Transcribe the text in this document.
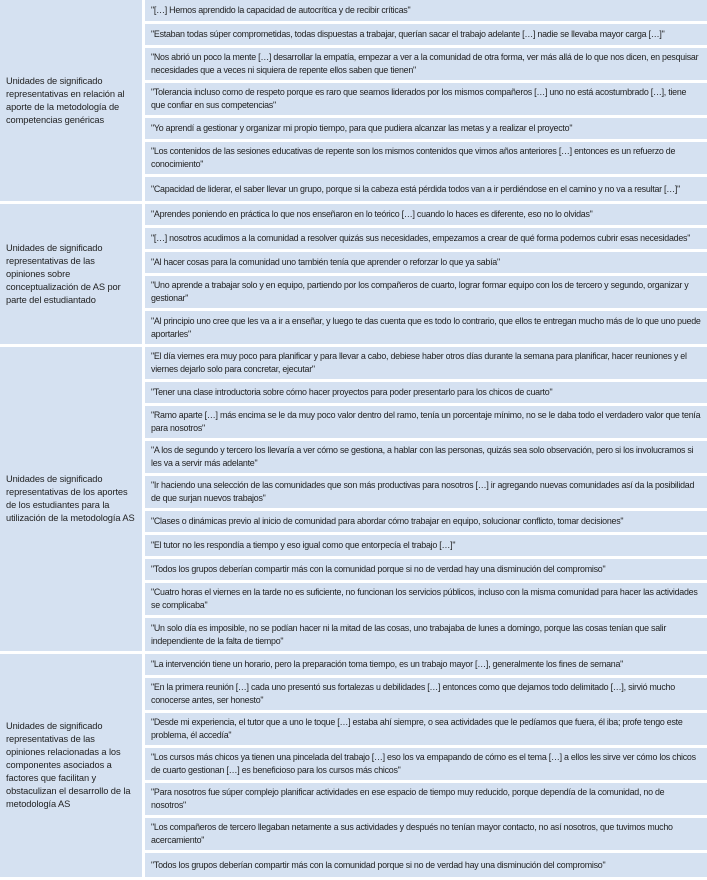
Unidades de significado representativas en relación al aporte de la metodología de competencias genéricas
"[…] Hemos aprendido la capacidad de autocrítica y de recibir críticas"
"Estaban todas súper comprometidas, todas dispuestas a trabajar, querían sacar el trabajo adelante […] nadie se llevaba mayor carga […]"
"Nos abrió un poco la mente […] desarrollar la empatía, empezar a ver a la comunidad de otra forma, ver más allá de lo que nos dicen, en pesquisar necesidades que a veces ni siquiera de repente ellos saben que tienen"
"Tolerancia incluso como de respeto porque es raro que seamos liderados por los mismos compañeros […] uno no está acostumbrado […], tiene que confiar en sus competencias"
"Yo aprendí a gestionar y organizar mi propio tiempo, para que pudiera alcanzar las metas y a realizar el proyecto"
"Los contenidos de las sesiones educativas de repente son los mismos contenidos que vimos años anteriores […] entonces es un refuerzo de conocimiento"
"Capacidad de liderar, el saber llevar un grupo, porque si la cabeza está pérdida todos van a ir perdiéndose en el camino y no va a resultar […]"
Unidades de significado representativas de las opiniones sobre conceptualización de AS por parte del estudiantado
"Aprendes poniendo en práctica lo que nos enseñaron en lo teórico […] cuando lo haces es diferente, eso no lo olvidas"
"[…] nosotros acudimos a la comunidad a resolver quizás sus necesidades, empezamos a crear de qué forma podemos cubrir esas necesidades"
"Al hacer cosas para la comunidad uno también tenía que aprender o reforzar lo que ya sabía"
"Uno aprende a trabajar solo y en equipo, partiendo por los compañeros de cuarto, lograr formar equipo con los de tercero y segundo, organizar y gestionar"
"Al principio uno cree que les va a ir a enseñar, y luego te das cuenta que es todo lo contrario, que ellos te entregan mucho más de lo que uno puede aportarles"
Unidades de significado representativas de los aportes de los estudiantes para la utilización de la metodología AS
"El día viernes era muy poco para planificar y para llevar a cabo, debiese haber otros días durante la semana para planificar, hacer reuniones y el viernes dejarlo solo para concretar, ejecutar"
"Tener una clase introductoria sobre cómo hacer proyectos para poder presentarlo para los chicos de cuarto"
"Ramo aparte […] más encima se le da muy poco valor dentro del ramo, tenía un porcentaje mínimo, no se le daba todo el verdadero valor que tenía para nosotros"
"A los de segundo y tercero los llevaría a ver cómo se gestiona, a hablar con las personas, quizás sea solo observación, pero si los involucramos si les va a servir más adelante"
"Ir haciendo una selección de las comunidades que son más productivas para nosotros […] ir agregando nuevas comunidades así da la posibilidad de que surjan nuevos trabajos"
"Clases o dinámicas previo al inicio de comunidad para abordar cómo trabajar en equipo, solucionar conflicto, tomar decisiones"
"El tutor no les respondía a tiempo y eso igual como que entorpecía el trabajo […]"
"Todos los grupos deberían compartir más con la comunidad porque si no de verdad hay una disminución del compromiso"
"Cuatro horas el viernes en la tarde no es suficiente, no funcionan los servicios públicos, incluso con la misma comunidad para hacer las actividades se complicaba"
"Un solo día es imposible, no se podían hacer ni la mitad de las cosas, uno trabajaba de lunes a domingo, porque las cosas tenían que salir independiente de la falta de tiempo"
Unidades de significado representativas de las opiniones relacionadas a los componentes asociados a factores que facilitan y obstaculizan el desarrollo de la metodología AS
"La intervención tiene un horario, pero la preparación toma tiempo, es un trabajo mayor […], generalmente los fines de semana"
"En la primera reunión […] cada uno presentó sus fortalezas u debilidades […] entonces como que dejamos todo delimitado […], sirvió mucho conocerse antes, ser honesto"
"Desde mi experiencia, el tutor que a uno le toque […] estaba ahí siempre, o sea actividades que le pedíamos que fuera, él iba; profe tengo este problema, él accedía"
"Los cursos más chicos ya tienen una pincelada del trabajo […] eso los va empapando de cómo es el tema […] a ellos les sirve ver cómo los chicos de cuarto gestionan […] es beneficioso para los cursos más chicos"
"Para nosotros fue súper complejo planificar actividades en ese espacio de tiempo muy reducido, porque dependía de la comunidad, no de nosotros"
"Los compañeros de tercero llegaban netamente a sus actividades y después no tenían mayor contacto, no así nosotros, que tuvimos mucho acercamiento"
"Todos los grupos deberían compartir más con la comunidad porque si no de verdad hay una disminución del compromiso"
